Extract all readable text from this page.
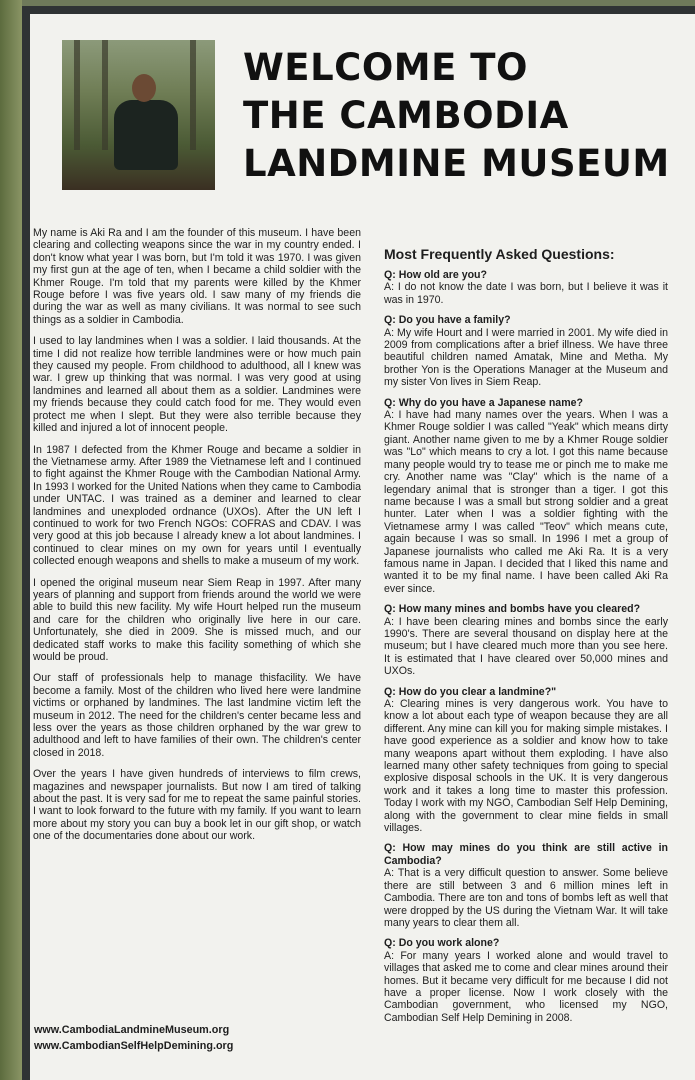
WELCOME TO
THE CAMBODIA
LANDMINE MUSEUM

My name is Aki Ra and I am the founder of this museum. I have been clearing and collecting weapons since the war in my country ended. I don't know what year I was born, but I'm told it was 1970. I was given my first gun at the age of ten, when I became a child soldier with the Khmer Rouge. I'm told that my parents were killed by the Khmer Rouge before I was five years old. I saw many of my friends die during the war as well as many civilians. It was normal to see such things as a soldier in Cambodia.

I used to lay landmines when I was a soldier. I laid thousands. At the time I did not realize how terrible landmines were or how much pain they caused my people. From childhood to adulthood, all I knew was war. I grew up thinking that was normal. I was very good at using landmines and learned all about them as a soldier. Landmines were my friends because they could catch food for me. They would even protect me when I slept. But they were also terrible because they killed and injured a lot of innocent people.

In 1987 I defected from the Khmer Rouge and became a soldier in the Vietnamese army. After 1989 the Vietnamese left and I continued to fight against the Khmer Rouge with the Cambodian National Army. In 1993 I worked for the United Nations when they came to Cambodia under UNTAC. I was trained as a deminer and learned to clear landmines and unexploded ordnance (UXOs). After the UN left I continued to work for two French NGOs: COFRAS and CDAV. I was very good at this job because I already knew a lot about landmines. I continued to clear mines on my own for years until I eventually collected enough weapons and shells to make a museum of my work.

I opened the original museum near Siem Reap in 1997. After many years of planning and support from friends around the world we were able to build this new facility. My wife Hourt helped run the museum and care for the children who originally live here in our care. Unfortunately, she died in 2009. She is missed much, and our dedicated staff works to make this facility something of which she would be proud.

Our staff of professionals help to manage thisfacility. We have become a family. Most of the children who lived here were landmine victims or orphaned by landmines. The last landmine victim left the museum in 2012. The need for the children's center became less and less over the years as those children orphaned by the war grew to adulthood and left to have families of their own. The children's center closed in 2018.

Over the years I have given hundreds of interviews to film crews, magazines and newspaper journalists. But now I am tired of talking about the past. It is very sad for me to repeat the same painful stories. I want to look forward to the future with my family. If you want to learn more about my story you can buy a book let in our gift shop, or watch one of the documentaries done about our work.

www.CambodiaLandmineMuseum.org
www.CambodianSelfHelpDemining.org
Most Frequently Asked Questions:
Q: How old are you?
A: I do not know the date I was born, but I believe it was it was in 1970.
Q: Do you have a family?
A: My wife Hourt and I were married in 2001. My wife died in 2009 from complications after a brief illness. We have three beautiful children named Amatak, Mine and Metha. My brother Yon is the Operations Manager at the Museum and my sister Von lives in Siem Reap.
Q: Why do you have a Japanese name?
A: I have had many names over the years. When I was a Khmer Rouge soldier I was called "Yeak" which means dirty giant. Another name given to me by a Khmer Rouge soldier was "Lo" which means to cry a lot. I got this name because many people would try to tease me or pinch me to make me cry. Another name was "Clay" which is the name of a legendary animal that is stronger than a tiger. I got this name because I was a small but strong soldier and a great hunter. Later when I was a soldier fighting with the Vietnamese army I was called "Teov" which means cute, again because I was so small. In 1996 I met a group of Japanese journalists who called me Aki Ra. It is a very famous name in Japan. I decided that I liked this name and wanted it to be my final name. I have been called Aki Ra ever since.
Q: How many mines and bombs have you cleared?
A: I have been clearing mines and bombs since the early 1990's. There are several thousand on display here at the museum; but I have cleared much more than you see here. It is estimated that I have cleared over 50,000 mines and UXOs.
Q: How do you clear a landmine?"
A: Clearing mines is very dangerous work. You have to know a lot about each type of weapon because they are all different. Any mine can kill you for making simple mistakes. I have good experience as a soldier and know how to take many weapons apart without them exploding. I have also learned many other safety techniques from going to special explosive disposal schools in the UK. It is very dangerous work and it takes a long time to master this profession. Today I work with my NGO, Cambodian Self Help Demining, along with the government to clear mine fields in small villages.
Q: How may mines do you think are still active in Cambodia?
A: That is a very difficult question to answer. Some believe there are still between 3 and 6 million mines left in Cambodia. There are ton and tons of bombs left as well that were dropped by the US during the Vietnam War. It will take many years to clear them all.
Q: Do you work alone?
A: For many years I worked alone and would travel to villages that asked me to come and clear mines around their homes. But it became very difficult for me because I did not have a proper license. Now I work closely with the Cambodian government, who licensed my NGO, Cambodian Self Help Demining in 2008.
